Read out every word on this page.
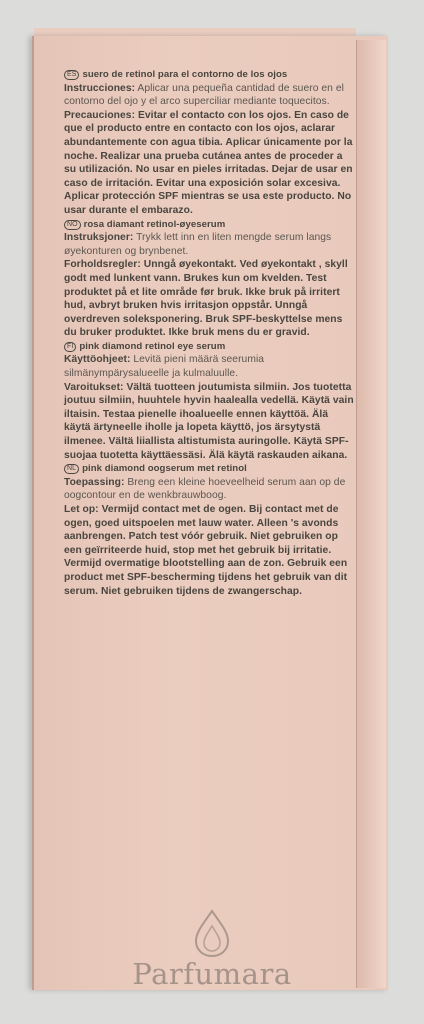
ES suero de retinol para el contorno de los ojos
Instrucciones: Aplicar una pequeña cantidad de suero en el contorno del ojo y el arco superciliar mediante toquecitos.
Precauciones: Evitar el contacto con los ojos. En caso de que el producto entre en contacto con los ojos, aclarar abundantemente con agua tibia. Aplicar únicamente por la noche. Realizar una prueba cutánea antes de proceder a su utilización. No usar en pieles irritadas. Dejar de usar en caso de irritación. Evitar una exposición solar excesiva. Aplicar protección SPF mientras se usa este producto. No usar durante el embarazo.

NO rosa diamant retinol-øyeserum
Instruksjoner: Trykk lett inn en liten mengde serum langs øyekonturen og brynbenet.
Forholdsregler: Unngå øyekontakt. Ved øyekontakt , skyll godt med lunkent vann. Brukes kun om kvelden. Test produktet på et lite område før bruk. Ikke bruk på irritert hud, avbryt bruken hvis irritasjon oppstår. Unngå overdreven soleksponering. Bruk SPF-beskyttelse mens du bruker produktet. Ikke bruk mens du er gravid.

FI pink diamond retinol eye serum
Käyttöohjeet: Levitä pieni määrä seerumia silmänympärysalueelle ja kulmaluulle.
Varoitukset: Vältä tuotteen joutumista silmiin. Jos tuotetta joutuu silmiin, huuhtele hyvin haalealla vedellä. Käytä vain iltaisin. Testaa pienelle ihoalueelle ennen käyttöä. Älä käytä ärtyneelle iholle ja lopeta käyttö, jos ärsytystä ilmenee. Vältä liiallista altistumista auringolle. Käytä SPF-suojaa tuotetta käyttäessäsi. Älä käytä raskauden aikana.

NL pink diamond oogserum met retinol
Toepassing: Breng een kleine hoeveelheid serum aan op de oogcontour en de wenkbrauwboog.
Let op: Vermijd contact met de ogen. Bij contact met de ogen, goed uitspoelen met lauw water. Alleen 's avonds aanbrengen. Patch test vóór gebruik. Niet gebruiken op een geïrriteerde huid, stop met het gebruik bij irritatie. Vermijd overmatige blootstelling aan de zon. Gebruik een product met SPF-bescherming tijdens het gebruik van dit serum. Niet gebruiken tijdens de zwangerschap.

Parfumara
